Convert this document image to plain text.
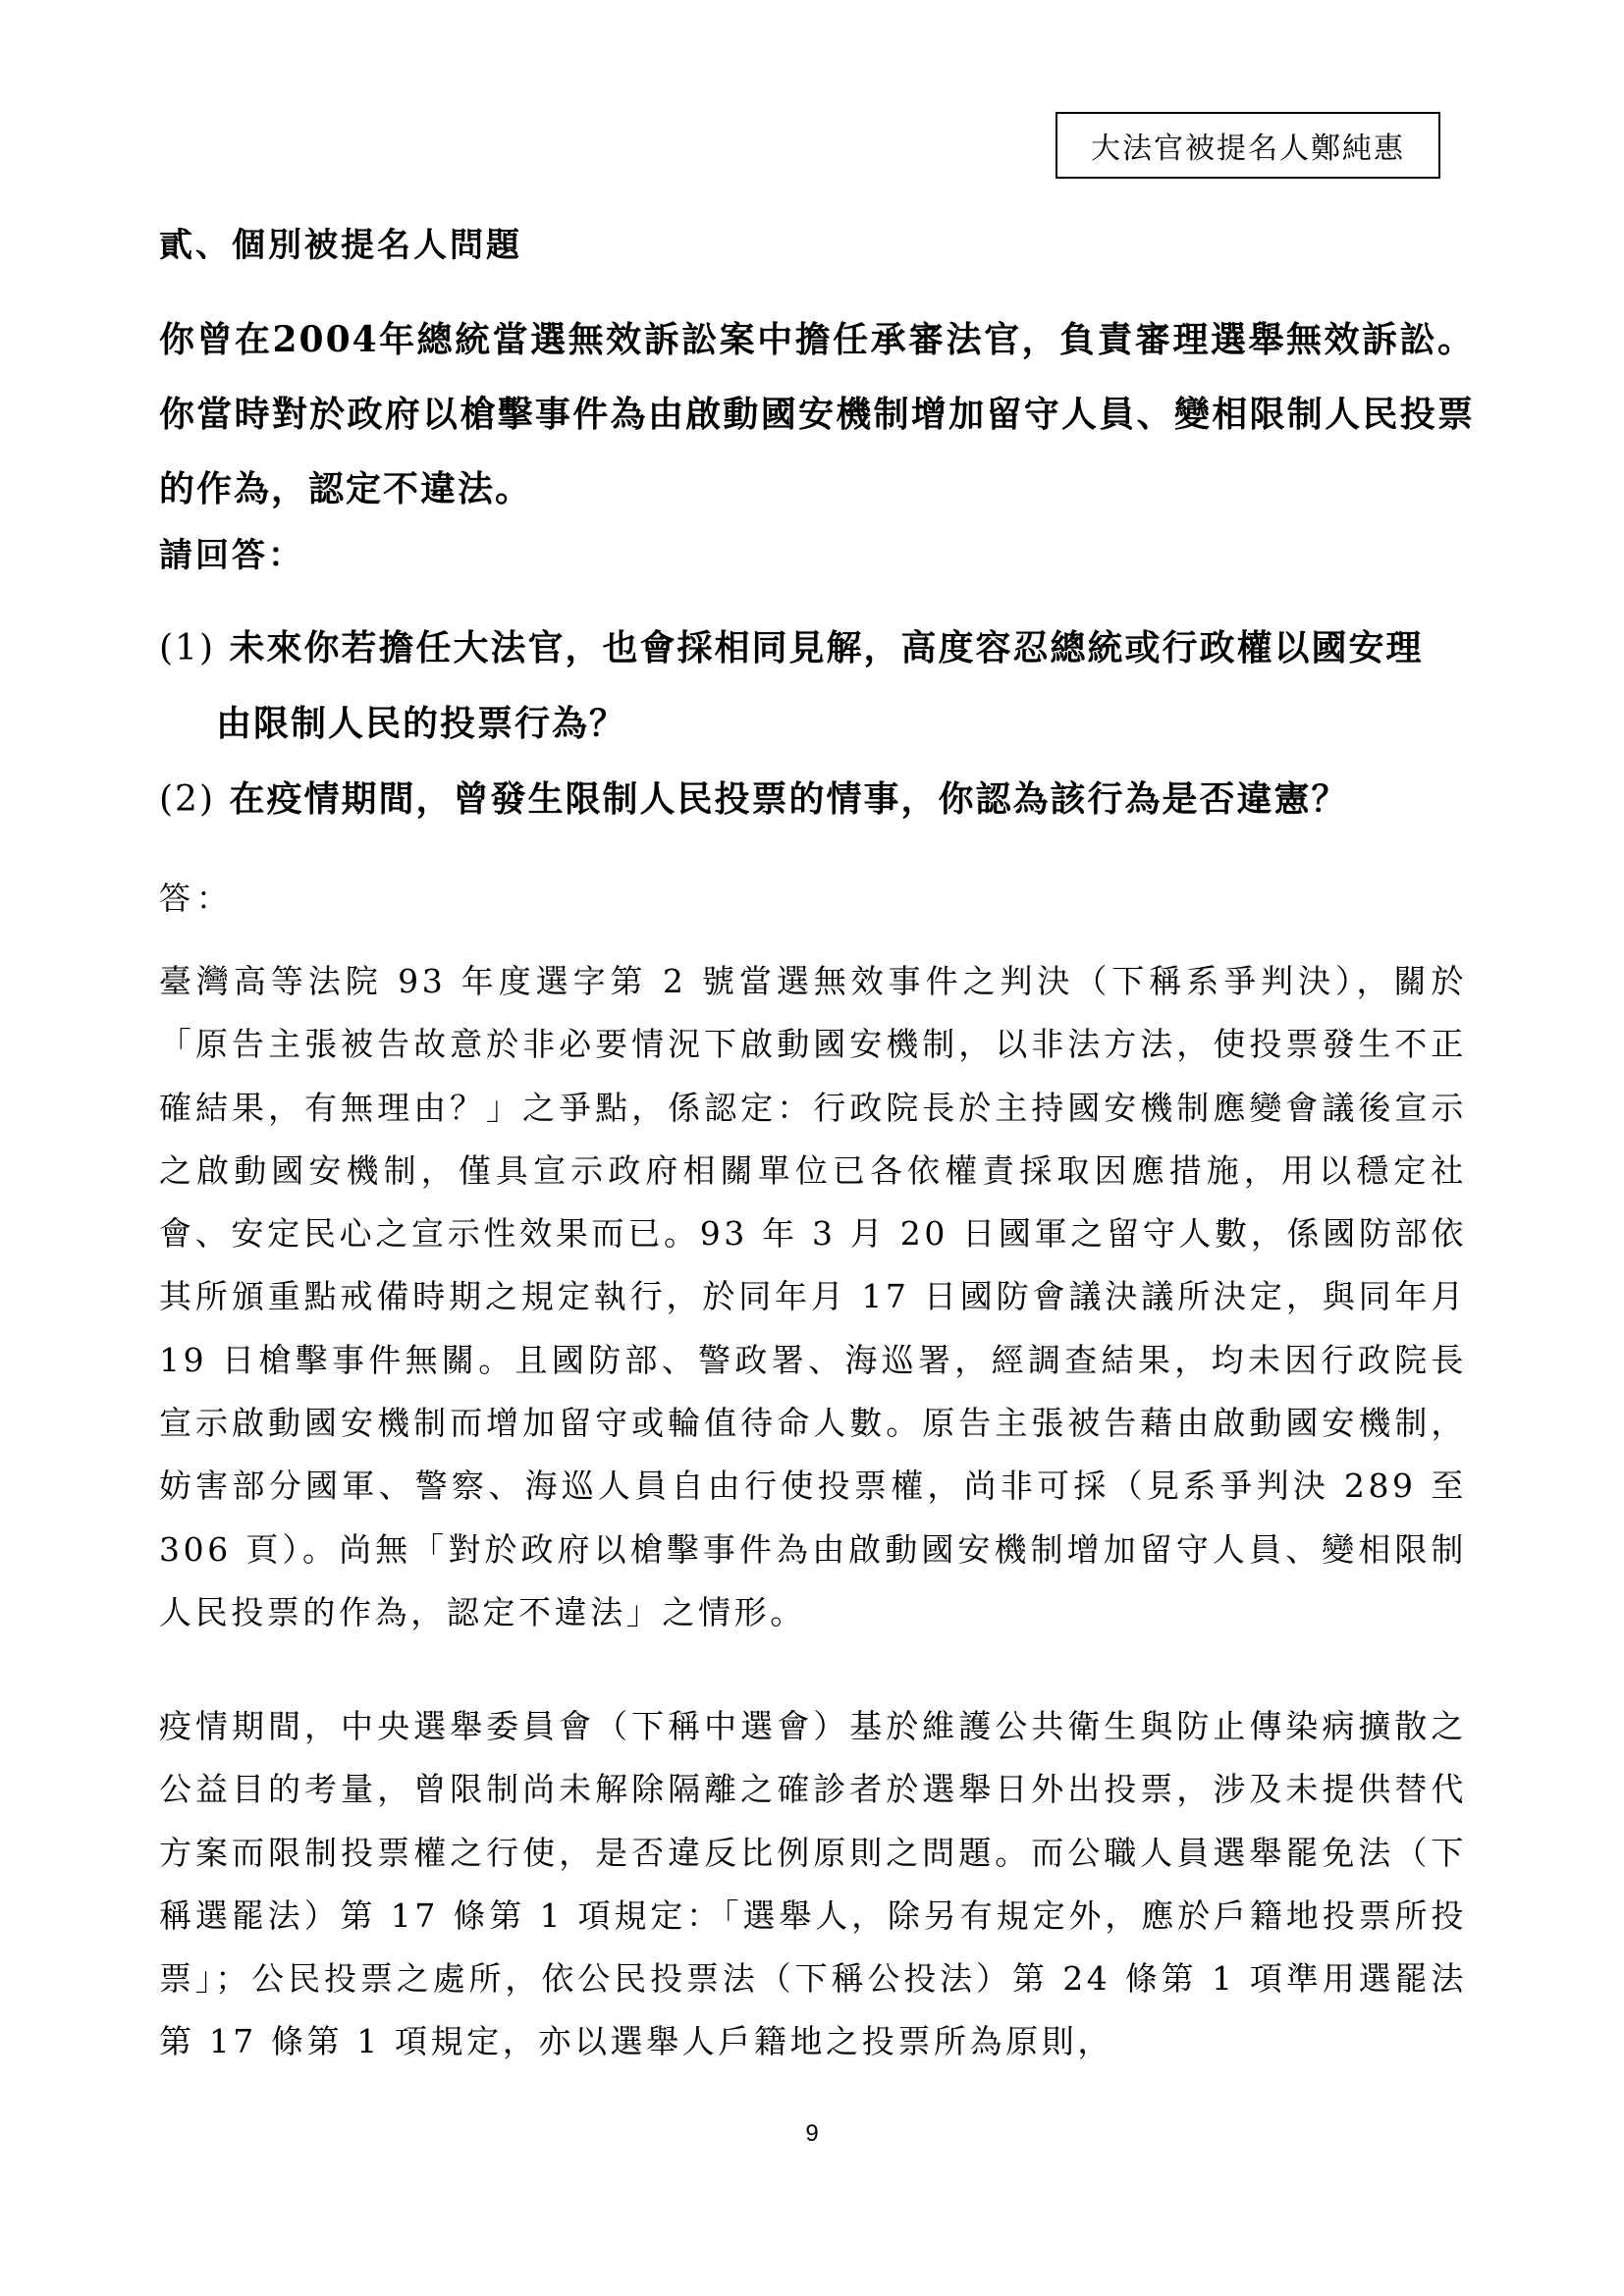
大法官被提名人鄭純惠
貳、個別被提名人問題
你曾在2004年總統當選無效訴訟案中擔任承審法官，負責審理選舉無效訴訟。你當時對於政府以槍擊事件為由啟動國安機制增加留守人員、變相限制人民投票的作為，認定不違法。
請回答：
(1) 未來你若擔任大法官，也會採相同見解，高度容忍總統或行政權以國安理
由限制人民的投票行為？
(2) 在疫情期間，曾發生限制人民投票的情事，你認為該行為是否違憲？
答：
臺灣高等法院 93 年度選字第 2 號當選無效事件之判決（下稱系爭判決），關於「原告主張被告故意於非必要情況下啟動國安機制，以非法方法，使投票發生不正確結果，有無理由？」之爭點，係認定：行政院長於主持國安機制應變會議後宣示之啟動國安機制，僅具宣示政府相關單位已各依權責採取因應措施，用以穩定社會、安定民心之宣示性效果而已。93 年 3 月 20 日國軍之留守人數，係國防部依其所頒重點戒備時期之規定執行，於同年月 17 日國防會議決議所決定，與同年月 19 日槍擊事件無關。且國防部、警政署、海巡署，經調查結果，均未因行政院長宣示啟動國安機制而增加留守或輪值待命人數。原告主張被告藉由啟動國安機制，妨害部分國軍、警察、海巡人員自由行使投票權，尚非可採（見系爭判決 289 至 306 頁）。尚無「對於政府以槍擊事件為由啟動國安機制增加留守人員、變相限制人民投票的作為，認定不違法」之情形。
疫情期間，中央選舉委員會（下稱中選會）基於維護公共衛生與防止傳染病擴散之公益目的考量，曾限制尚未解除隔離之確診者於選舉日外出投票，涉及未提供替代方案而限制投票權之行使，是否違反比例原則之問題。而公職人員選舉罷免法（下稱選罷法）第 17 條第 1 項規定：「選舉人，除另有規定外，應於戶籍地投票所投票」；公民投票之處所，依公民投票法（下稱公投法）第 24 條第 1 項準用選罷法第 17 條第 1 項規定，亦以選舉人戶籍地之投票所為原則，
9
